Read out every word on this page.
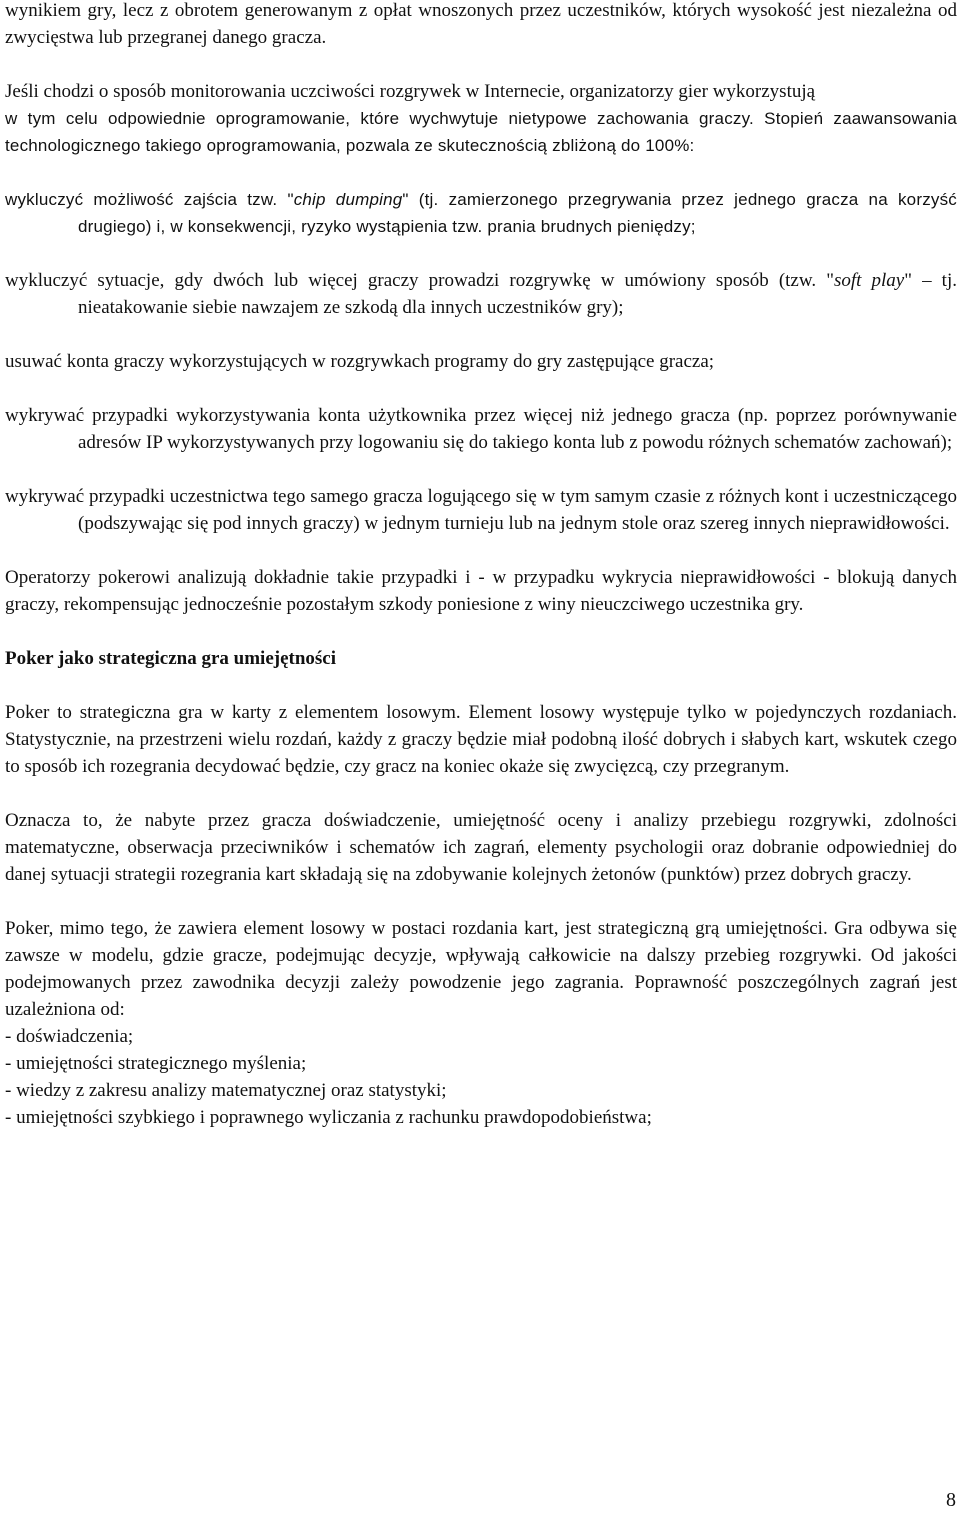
wynikiem gry, lecz z obrotem generowanym z opłat wnoszonych przez uczestników, których wysokość jest niezależna od zwycięstwa lub przegranej danego gracza.

Jeśli chodzi o sposób monitorowania uczciwości rozgrywek w Internecie, organizatorzy gier wykorzystują

w tym celu odpowiednie oprogramowanie, które wychwytuje nietypowe zachowania graczy. Stopień zaawansowania technologicznego takiego oprogramowania, pozwala ze skutecznością zbliżoną do 100%:

wykluczyć możliwość zajścia tzw. "chip dumping" (tj. zamierzonego przegrywania przez jednego gracza na korzyść drugiego) i, w konsekwencji, ryzyko wystąpienia tzw. prania brudnych pieniędzy;

wykluczyć sytuacje, gdy dwóch lub więcej graczy prowadzi rozgrywkę w umówiony sposób (tzw. "soft play" – tj. nieatakowanie siebie nawzajem ze szkodą dla innych uczestników gry);

usuwać konta graczy wykorzystujących w rozgrywkach programy do gry zastępujące gracza;

wykrywać przypadki wykorzystywania konta użytkownika przez więcej niż jednego gracza (np. poprzez porównywanie adresów IP wykorzystywanych przy logowaniu się do takiego konta lub z powodu różnych schematów zachowań);

wykrywać przypadki uczestnictwa tego samego gracza logującego się w tym samym czasie z różnych kont i uczestniczącego (podszywając się pod innych graczy) w jednym turnieju lub na jednym stole oraz szereg innych nieprawidłowości.

Operatorzy pokerowi analizują dokładnie takie przypadki i - w przypadku wykrycia nieprawidłowości - blokują danych graczy, rekompensując jednocześnie pozostałym szkody poniesione z winy nieuczciwego uczestnika gry.

Poker jako strategiczna gra umiejętności

Poker to strategiczna gra w karty z elementem losowym. Element losowy występuje tylko w pojedynczych rozdaniach. Statystycznie, na przestrzeni wielu rozdań, każdy z graczy będzie miał podobną ilość dobrych i słabych kart, wskutek czego to sposób ich rozegrania decydować będzie, czy gracz na koniec okaże się zwycięzcą, czy przegranym.

Oznacza to, że nabyte przez gracza doświadczenie, umiejętność oceny i analizy przebiegu rozgrywki, zdolności matematyczne, obserwacja przeciwników i schematów ich zagrań, elementy psychologii oraz dobranie odpowiedniej do danej sytuacji strategii rozegrania kart składają się na zdobywanie kolejnych żetonów (punktów) przez dobrych graczy.

Poker, mimo tego, że zawiera element losowy w postaci rozdania kart, jest strategiczną grą umiejętności. Gra odbywa się zawsze w modelu, gdzie gracze, podejmując decyzje, wpływają całkowicie na dalszy przebieg rozgrywki. Od jakości podejmowanych przez zawodnika decyzji zależy powodzenie jego zagrania. Poprawność poszczególnych zagrań jest uzależniona od:

- doświadczenia;

- umiejętności strategicznego myślenia;

- wiedzy z zakresu analizy matematycznej oraz statystyki;

- umiejętności szybkiego i poprawnego wyliczania z rachunku prawdopodobieństwa;

8
